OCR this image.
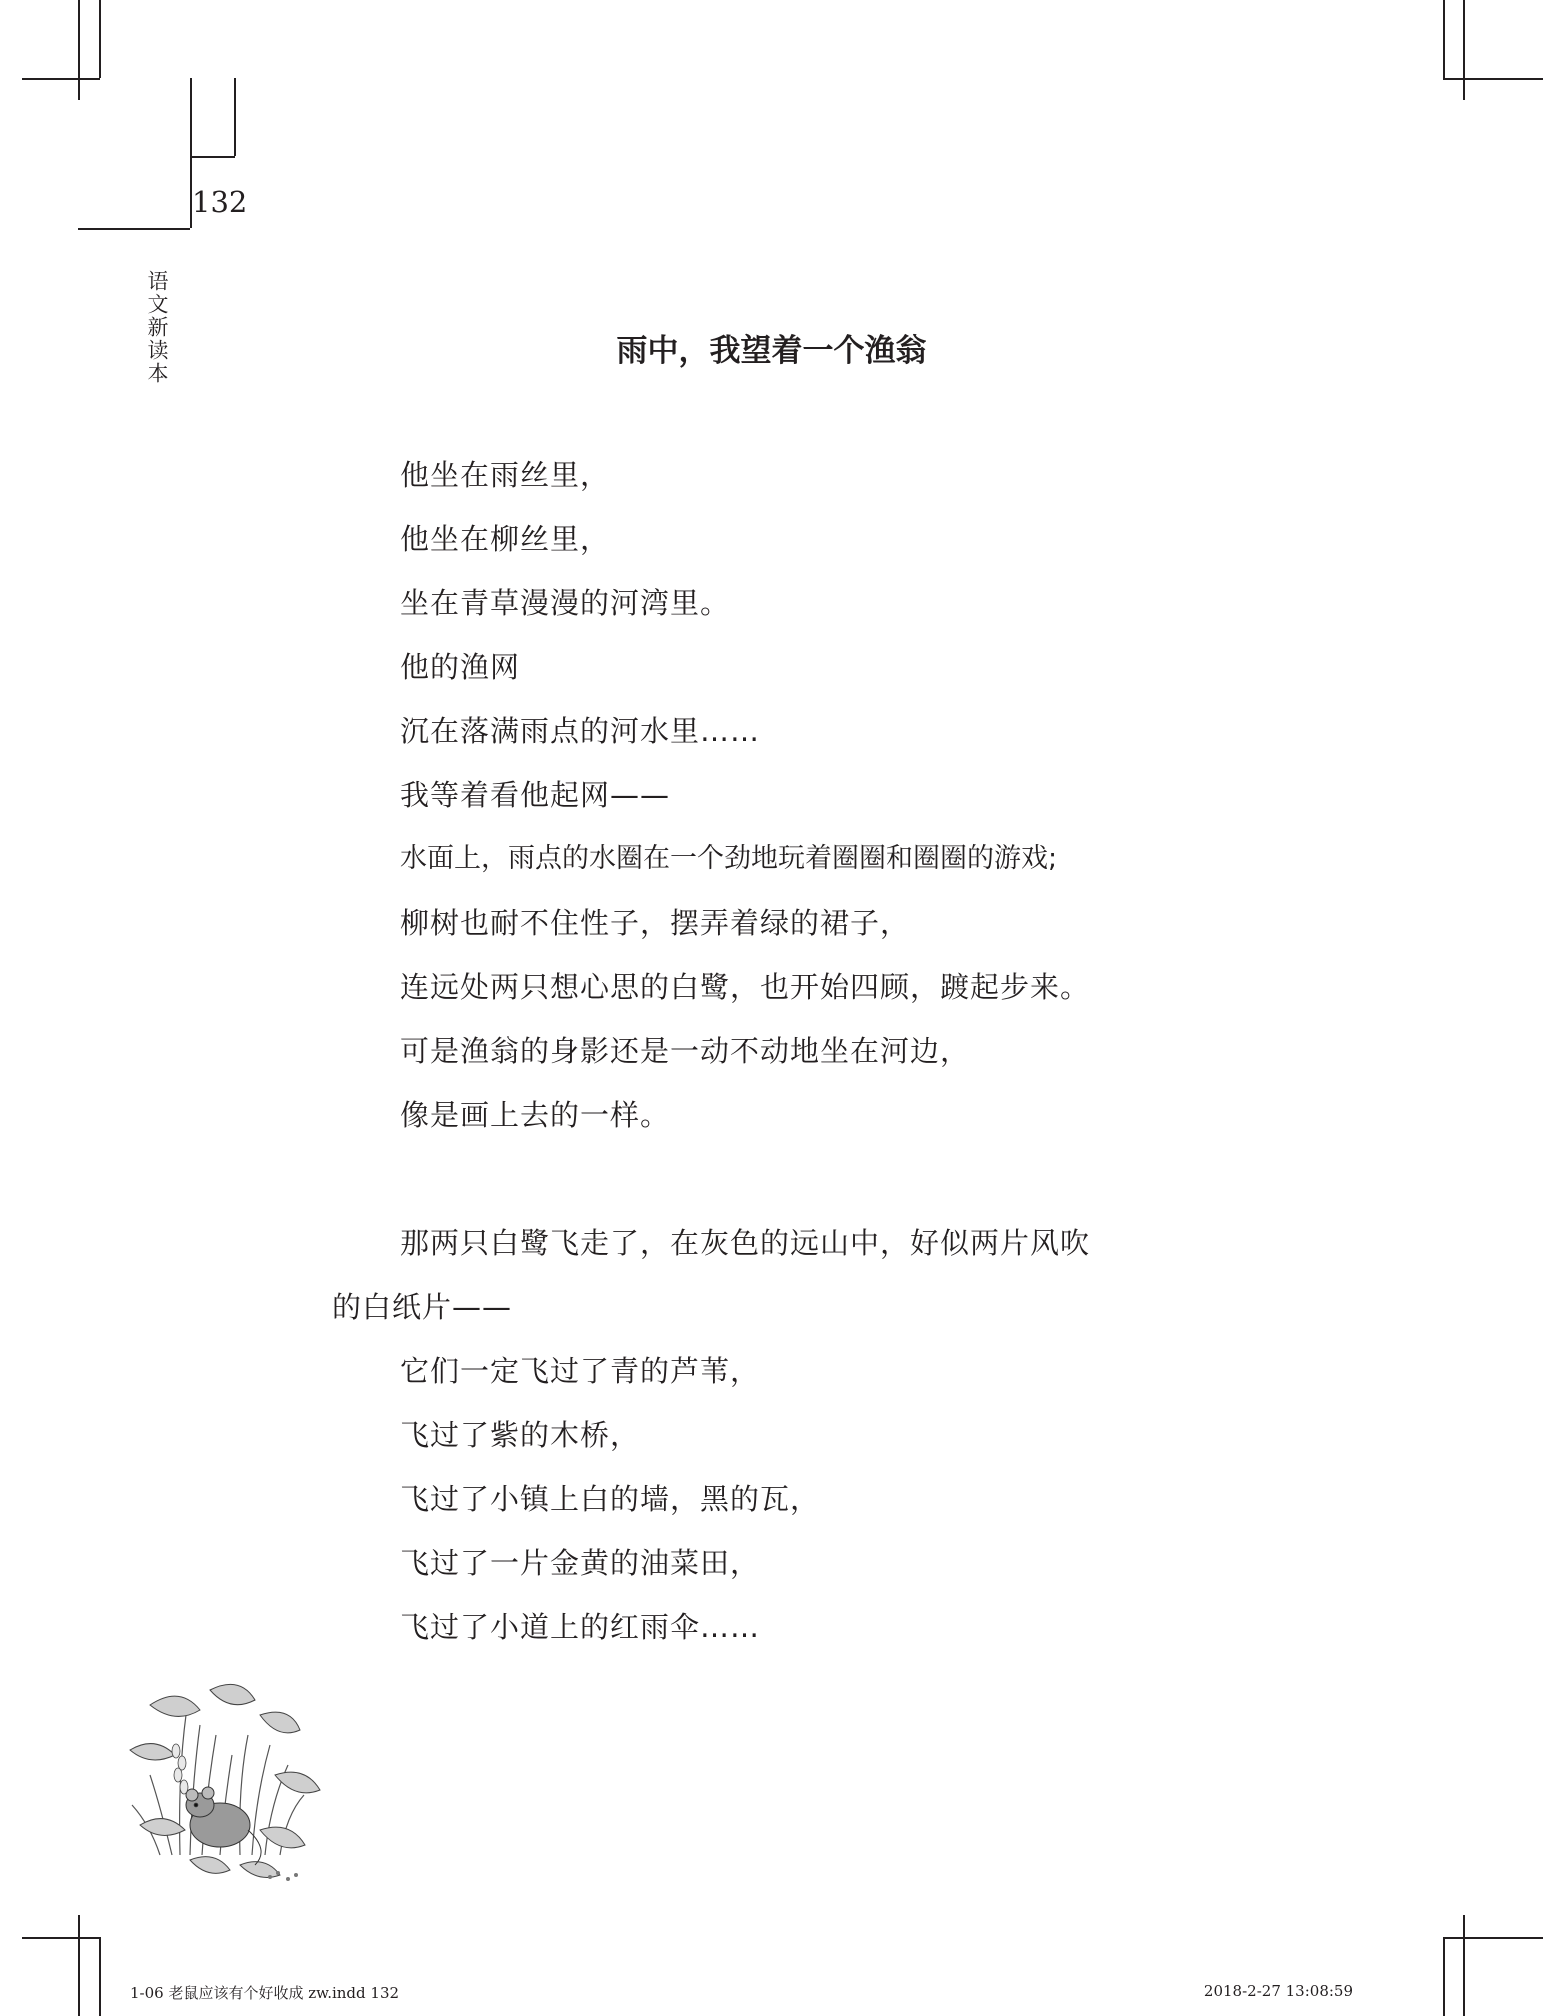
132
语文新读本	雨中，我望着一个渔翁
他坐在雨丝里，
他坐在柳丝里，
坐在青草漫漫的河湾里。
他的渔网
沉在落满雨点的河水里……
我等着看他起网——
水面上，雨点的水圈在一个劲地玩着圈圈和圈圈的游戏;
柳树也耐不住性子，摆弄着绿的裙子，
连远处两只想心思的白鹭，也开始四顾，踱起步来。
可是渔翁的身影还是一动不动地坐在河边，
像是画上去的一样。
那两只白鹭飞走了，在灰色的远山中，好似两片风吹
的白纸片——
它们一定飞过了青的芦苇，
飞过了紫的木桥，
飞过了小镇上白的墙，黑的瓦，
飞过了一片金黄的油菜田，
飞过了小道上的红雨伞……
1-06 老鼠应该有个好收成 zw.indd 132	2018-2-27 13:08:59
